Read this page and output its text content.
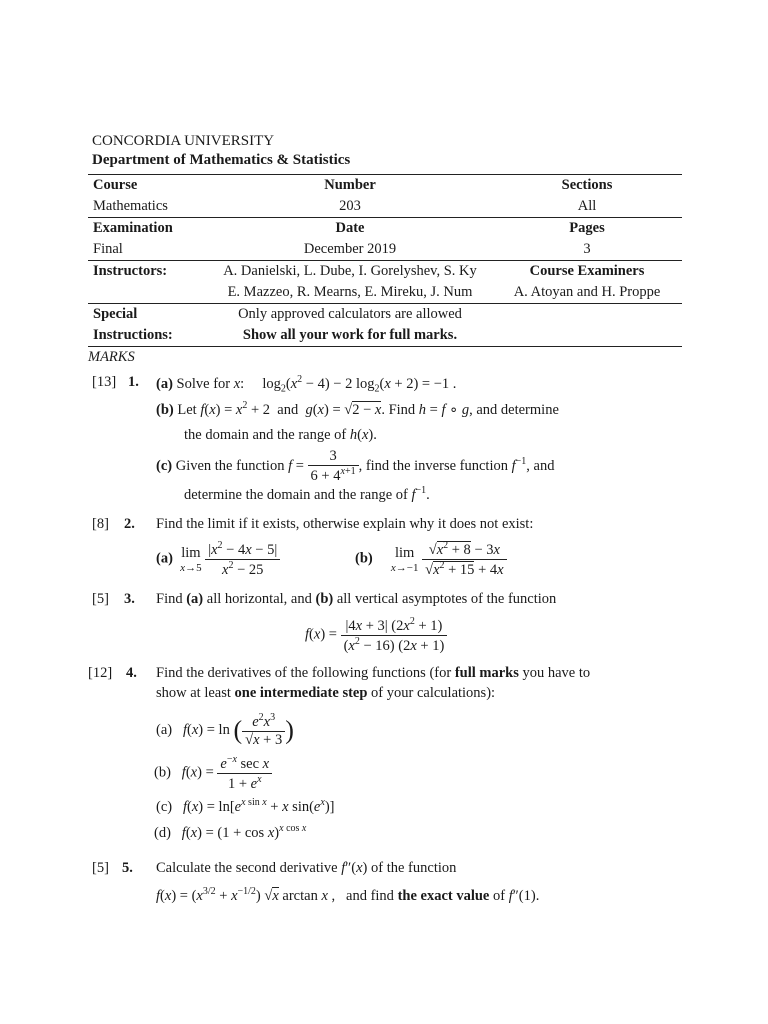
CONCORDIA UNIVERSITY
Department of Mathematics & Statistics
Course	Number	Sections
Mathematics	203	All
Examination	Date	Pages
Final	December 2019	3
Instructors:	A. Danielski, L. Dube, I. Gorelyshev, S. Ky	Course Examiners
	E. Mazzeo, R. Mearns, E. Mireku, J. Num	A. Atoyan and H. Proppe
Special	Only approved calculators are allowed	
Instructions:	Show all your work for full marks.	
MARKS
[13] 1. (a) Solve for x:     $\log_2(x^2 - 4) - 2$ $\log_2(x + 2) = -1$ .
(b) Let $f(x) = x^2 + 2$  and g(x) = √2 − x. Find h = f ∘ g, and determine
the domain and the range of h(x).
(c) Given the function $f = \frac{3}{6 + 4^{x+1}}$ , find the inverse function $f^{-1}$, and
determine the domain and the range of $f^{-1}$.
[8] 2. Find the limit if it exists, otherwise explain why it does not exist:
(a) lim
x→5
$\frac{|x^2 - 4x - 5|}{x^2 - 25}$	(b) lim
x→−1
$\frac{√x^2 + 8 - 3x}{√x^2 + 15 + 4x}$
[5] 3. Find (a) all horizontal, and (b) all vertical asymptotes of the function
$f(x) = \frac{|4x + 3| (2x^2 + 1)}{(x^2 - 16) (2x + 1)}$
[12] 4. Find the derivatives of the following functions (for full marks you have to
show at least one intermediate step of your calculations):
(a) f(x) = ln ( $\frac{e^2x^3}{√x + 3}$ )
(b) $f(x) = \frac{e^{-x} \sec x}{1 + e^x}$
(c) $f(x) = \ln[e^{x sin x} + x$ $\sin(e^x)$]
(d) $f(x) = (1 + \cos x)^{x cos x}$
[5] 5. Calculate the second derivative f″(x) of the function
$f(x) = (x^{3/2} + x^{-1/2})$ √x arctan x ,   and find the exact value of f″(1).
